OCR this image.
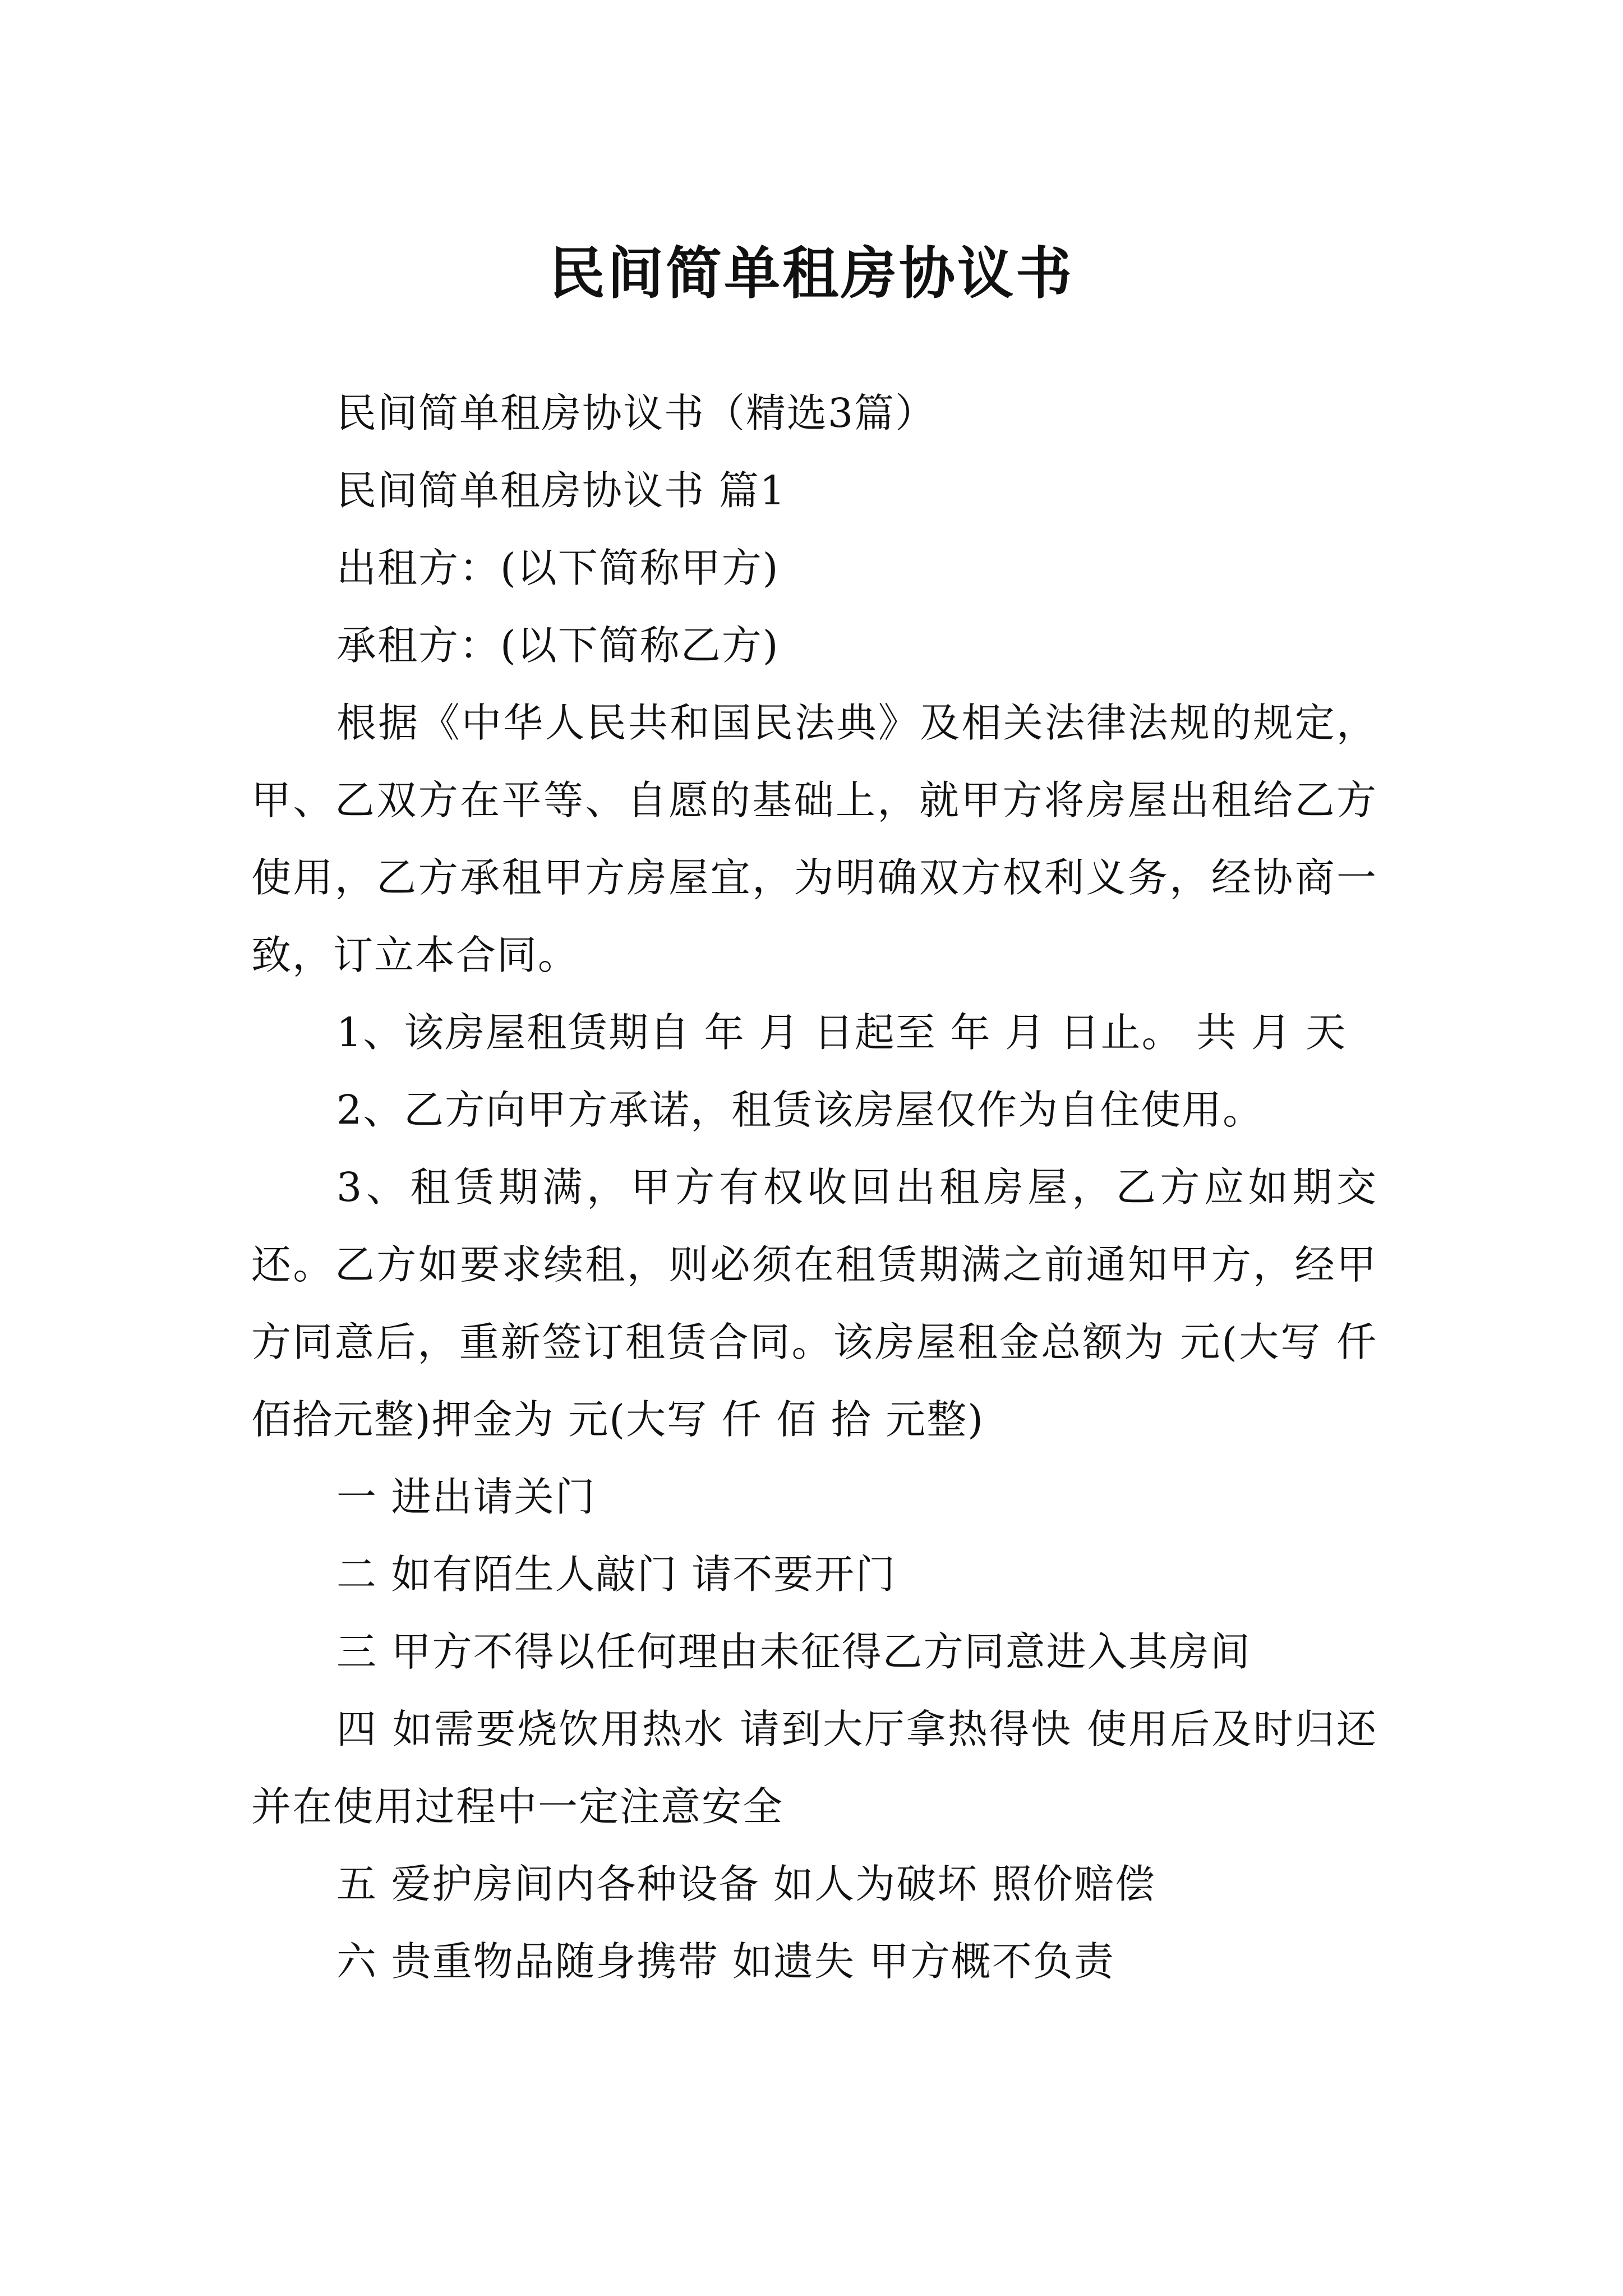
民间简单租房协议书

民间简单租房协议书（精选3篇）

民间简单租房协议书 篇1

出租方：(以下简称甲方)

承租方：(以下简称乙方)

根据《中华人民共和国民法典》及相关法律法规的规定，甲、乙双方在平等、自愿的基础上，就甲方将房屋出租给乙方使用，乙方承租甲方房屋宜，为明确双方权利义务，经协商一致，订立本合同。

1、该房屋租赁期自 年 月 日起至 年 月 日止。 共 月 天

2、乙方向甲方承诺，租赁该房屋仅作为自住使用。

3、租赁期满，甲方有权收回出租房屋，乙方应如期交还。乙方如要求续租，则必须在租赁期满之前通知甲方，经甲方同意后，重新签订租赁合同。该房屋租金总额为 元(大写 仟佰拾元整)押金为 元(大写 仟 佰 拾 元整)

一 进出请关门

二 如有陌生人敲门 请不要开门

三 甲方不得以任何理由未征得乙方同意进入其房间

四 如需要烧饮用热水 请到大厅拿热得快 使用后及时归还 并在使用过程中一定注意安全

五 爱护房间内各种设备 如人为破坏 照价赔偿

六 贵重物品随身携带 如遗失 甲方概不负责
